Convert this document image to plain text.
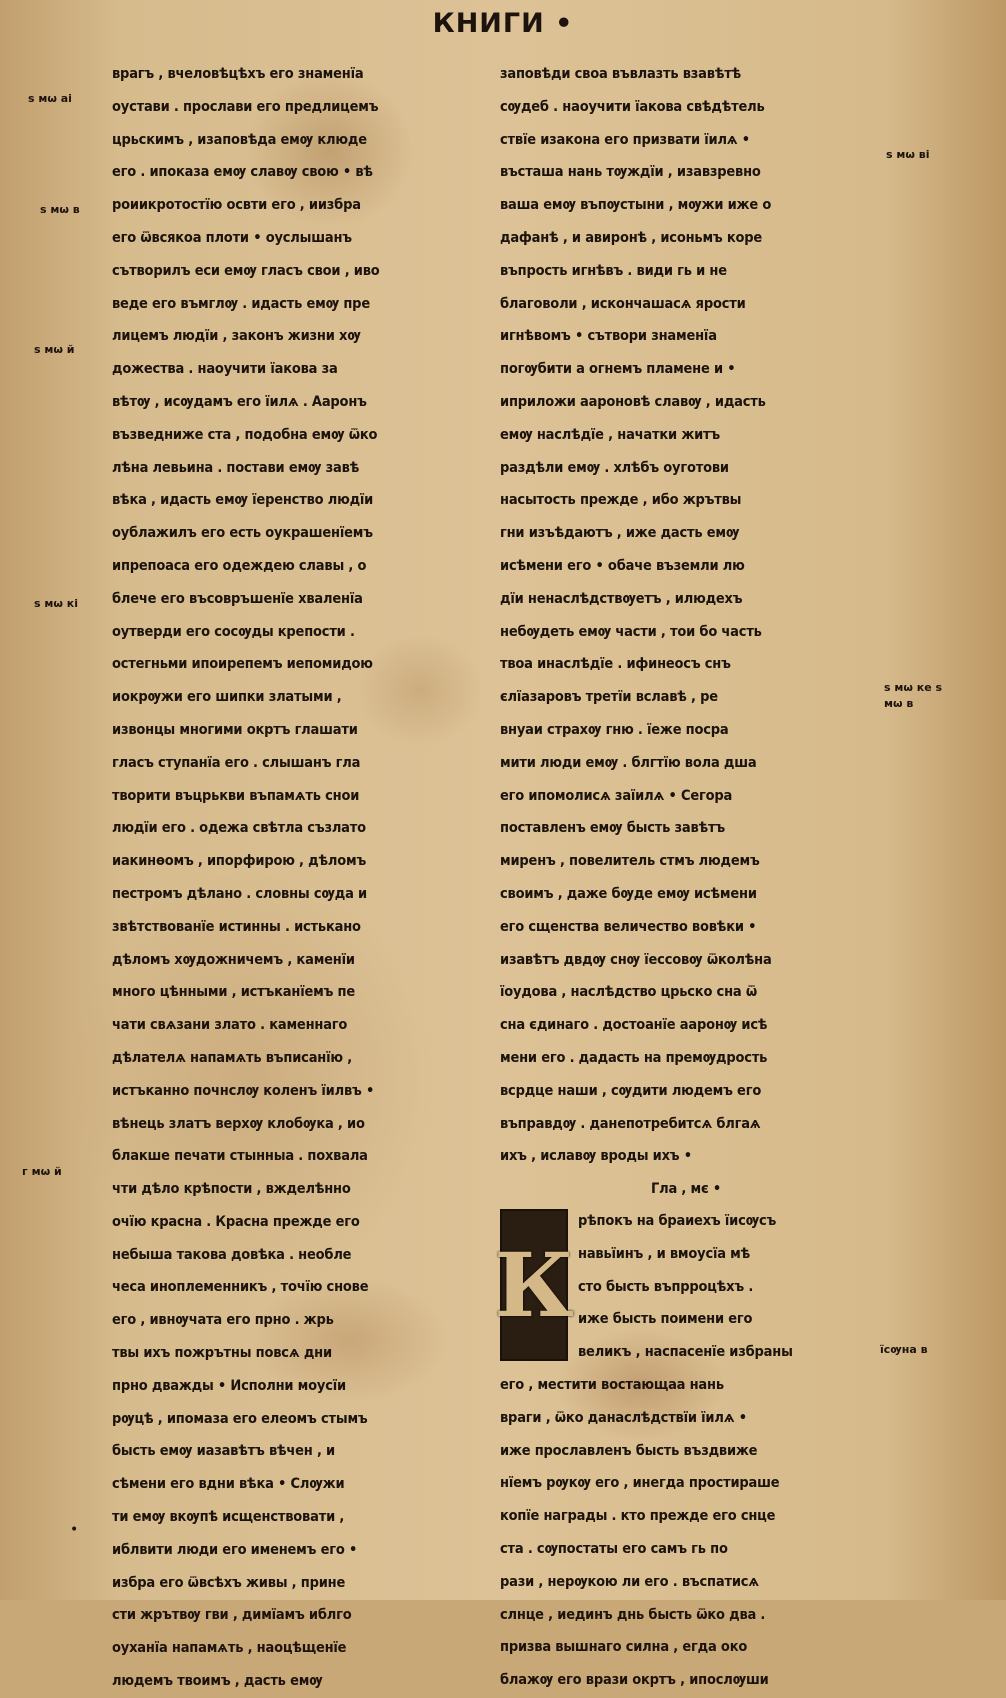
КНИГИ •
ѕ мѡ аі
ѕ мѡ в
ѕ мѡ й
ѕ мѡ кі
ѕ мѡ ві
ѕ мѡ ке ѕ мѡ в
г мѡ й
їсѹна в
врагъ , вчеловѣцѣхъ его знаменїа
оустави . прослави его предлицемъ
црьскимъ , изаповѣда емѹ клюде
его . ипоказа емѹ славѹ свою • вѣ
роиикротостїю освти его , иизбра
его ѿвсякоа плоти • оуслышанъ
сътворилъ еси емѹ гласъ свои , иво
веде его въмглѹ . идасть емѹ пре
лицемъ людїи , законъ жизни хѹ
дожества . наоучити їакова за
вѣтѹ , исѹдамъ его їилѧ . Ааронъ
възведниже ста , подобна емѹ ѿко
лѣна левьина . постави емѹ завѣ
вѣка , идасть емѹ їеренство людїи
оублажилъ его есть оукрашенїемъ
ипрепоаса его одеждею славы , о
блече его въсовръшенїе хваленїа
оутверди его сосѹды крепости .
остегньми ипоирепемъ иепомидою
иокрѹжи его шипки златыми ,
извонцы многими окртъ глашати
гласъ ступанїа его . слышанъ гла
творити въцрькви въпамѧть снои
людїи его . одежа свѣтла съзлато
иакинѳомъ , ипорфирою , дѣломъ
пестромъ дѣлано . словны сѹда и
звѣтствованїе истинны . истькано
дѣломъ хѹдожничемъ , каменїи
много цѣнными , истъканїемъ пе
чати свѧзани злато . каменнаго
дѣлателѧ напамѧть въписанїю ,
истъканно почнслѹ коленъ їилвъ •
вѣнець златъ верхѹ клобѹка , ио
блакше печати стынныа . похвала
чти дѣло крѣпости , вжделѣнно
очїю красна . Красна прежде его
небыша такова довѣка . необле
чеса иноплеменникъ , точїю снове
его , ивнѹчата его прно . жрь
твы ихъ пожрътны повсѧ дни
прно дважды • Исполни моусїи
рѹцѣ , ипомаза его елеомъ стымъ
бысть емѹ иазавѣтъ вѣчен , и
сѣмени его вдни вѣка • Слѹжи
ти емѹ вкѹпѣ исщенствовати ,
иблвити люди его именемъ его •
избра его ѿвсѣхъ живы , прине
сти жрътвѹ гви , димїамъ иблго
оуханїа напамѧть , наоцѣщенїе
людемъ твоимъ , дасть емѹ
заповѣди своа въвлазть взавѣтѣ
сѹдеб . наоучити їакова свѣдѣтель
ствїе изакона его призвати їилѧ •
въсташа нань тѹждїи , изавзревно
ваша емѹ въпѹстыни , мѹжи иже о
дафанѣ , и авиронѣ , исоньмъ коре
въпрость игнѣвъ . види гь и не
благоволи , искончашасѧ ярости
игнѣвомъ • сътвори знаменїа
погѹбити а огнемъ пламене и •
иприложи аароновѣ славѹ , идасть
емѹ наслѣдїе , начатки житъ
раздѣли емѹ . хлѣбъ оуготови
насытость прежде , ибо жрътвы
гни изъѣдаютъ , иже дасть емѹ
исѣмени его • обаче въземли лю
дїи ненаслѣдствѹетъ , илюдехъ
небѹдеть емѹ части , тои бо часть
твоа инаслѣдїе . ифинеосъ снъ
єлїазаровъ третїи вславѣ , ре
внуаи страхѹ гню . їеже посра
мити люди емѹ . блгтїю вола дша
его ипомолисѧ заїилѧ • Сегора
поставленъ емѹ бысть завѣтъ
миренъ , повелитель стмъ людемъ
своимъ , даже бѹде емѹ исѣмени
его сщенства величество вовѣки •
изавѣтъ двдѹ снѹ їессовѹ ѿколѣна
їоудова , наслѣдство црьско сна ѿ
сна єдинаго . достоанїе ааронѹ исѣ
мени его . дадасть на премѹдрость
всрдце наши , сѹдити людемъ его
въправдѹ . данепотребитсѧ блгаѧ
ихъ , иславѹ вроды ихъ •
Гла , мє •
К
рѣпокъ на браиехъ їисѹсъ
навьїинъ , и вмоусїа мѣ
сто бысть въпрроцѣхъ .
иже бысть поимени его
великъ , наспасенїе избраны
его , местити востающаа нань
враги , ѿко данаслѣдствїи їилѧ •
иже прославленъ бысть въздвиже
нїемъ рѹкѹ его , инегда простираше
копїе награды . кто прежде его снце
ста . сѹпостаты его самъ гь по
рази , нерѹкою ли его . въспатисѧ
слнце , иединъ днь бысть ѿко два .
призва вышнаго силна , егда око
блажѹ его врази окртъ , ипослѹши
•
